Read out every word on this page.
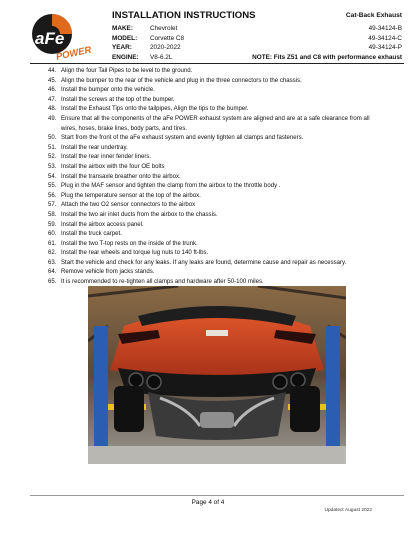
aFe
POWER
INSTALLATION INSTRUCTIONS	Cat-Back Exhaust
MAKE:	Chevrolet	49-34124-B
MODEL: Corvette C8	49-34124-C
YEAR:	2020-2022	49-34124-P
ENGINE: V8-6.2L	NOTE: Fits Z51 and C8 with performance exhaust
44. Align the four Tail Pipes to be level to the ground.
45. Align the bumper to the rear of the vehicle and plug in the three connectors to the chassis.
46. Install the bumper onto the vehicle.
47. Install the screws at the top of the bumper.
48. Install the Exhaust Tips onto the tailpipes, Align the tips to the bumper.
49. Ensure that all the components of the aFe POWER exhaust system are aligned and are at a safe clearance from all wires, hoses, brake lines, body parts, and tires.
50. Start from the front of the aFe exhaust system and evenly tighten all clamps and fasteners.
51. Install the rear undertray.
52. Install the rear inner fender liners.
53. Install the airbox with the four OE bolts
54. Install the transaxle breather onto the airbox.
55. Plug in the MAF sensor and tighten the clamp from the airbox to the throttle body .
56. Plug the temperature sensor at the top of the airbox.
57. Attach the two O2 sensor connectors to the airbox
58. Install the two air inlet ducts from the airbox to the chassis.
59. Install the airbox access panel.
60. Install the truck carpet.
61. Install the two T-top rests on the inside of the trunk.
62. Install the rear wheels and torque lug nuts to 140 ft-lbs.
63. Start the vehicle and check for any leaks. If any leaks are found, determine cause and repair as necessary.
64. Remove vehicle from jacks stands.
65. It is recommended to re-tighten all clamps and hardware after 50-100 miles.
Page 4 of 4
Updated: August 2022
